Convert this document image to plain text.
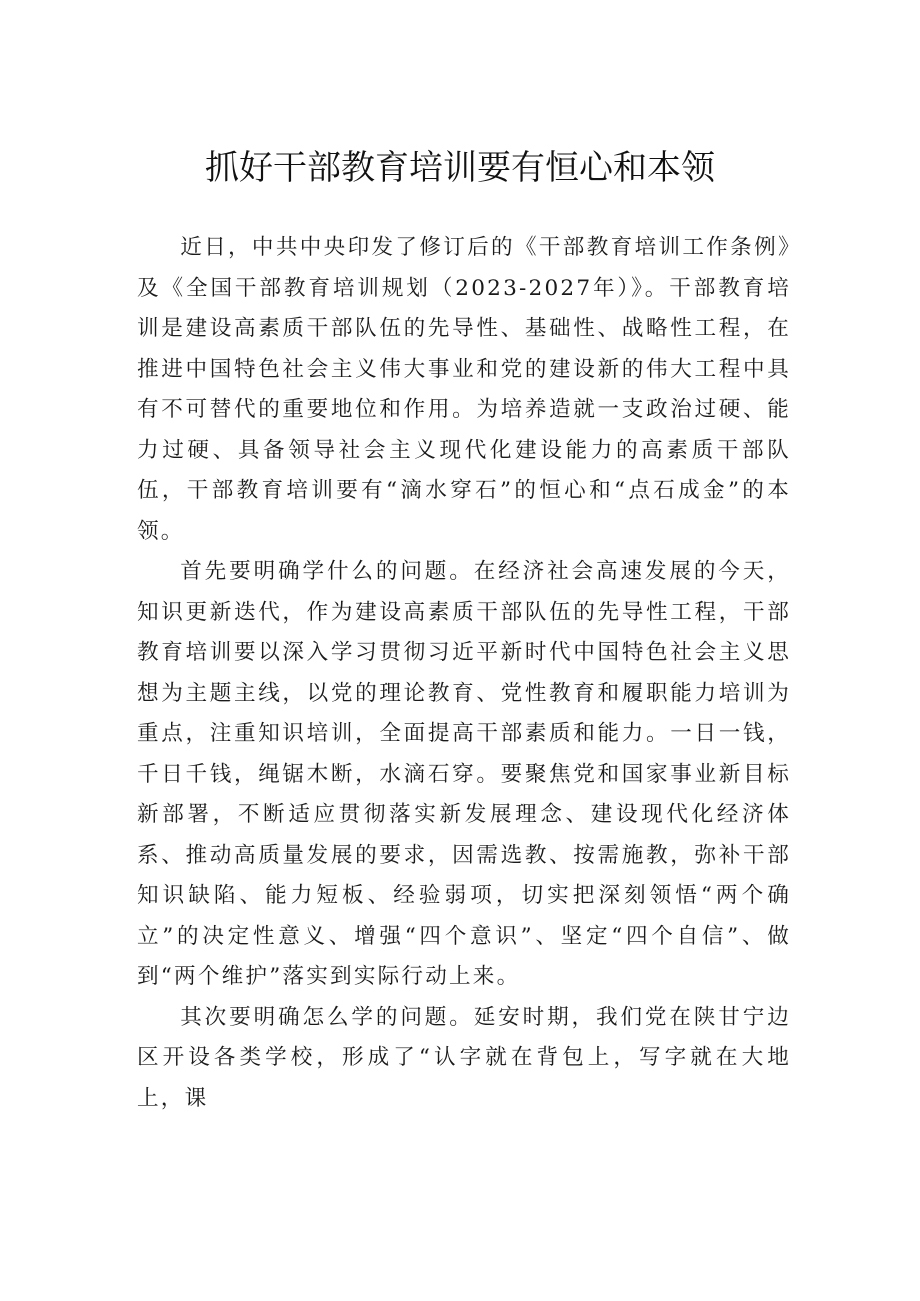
抓好干部教育培训要有恒心和本领

近日，中共中央印发了修订后的《干部教育培训工作条例》及《全国干部教育培训规划（2023-2027年）》。干部教育培训是建设高素质干部队伍的先导性、基础性、战略性工程，在推进中国特色社会主义伟大事业和党的建设新的伟大工程中具有不可替代的重要地位和作用。为培养造就一支政治过硬、能力过硬、具备领导社会主义现代化建设能力的高素质干部队伍，干部教育培训要有“滴水穿石”的恒心和“点石成金”的本领。

首先要明确学什么的问题。在经济社会高速发展的今天，知识更新迭代，作为建设高素质干部队伍的先导性工程，干部教育培训要以深入学习贯彻习近平新时代中国特色社会主义思想为主题主线，以党的理论教育、党性教育和履职能力培训为重点，注重知识培训，全面提高干部素质和能力。一日一钱，千日千钱，绳锯木断，水滴石穿。要聚焦党和国家事业新目标新部署，不断适应贯彻落实新发展理念、建设现代化经济体系、推动高质量发展的要求，因需选教、按需施教，弥补干部知识缺陷、能力短板、经验弱项，切实把深刻领悟“两个确立”的决定性意义、增强“四个意识”、坚定“四个自信”、做到“两个维护”落实到实际行动上来。

其次要明确怎么学的问题。延安时期，我们党在陕甘宁边区开设各类学校，形成了“认字就在背包上，写字就在大地上，课
